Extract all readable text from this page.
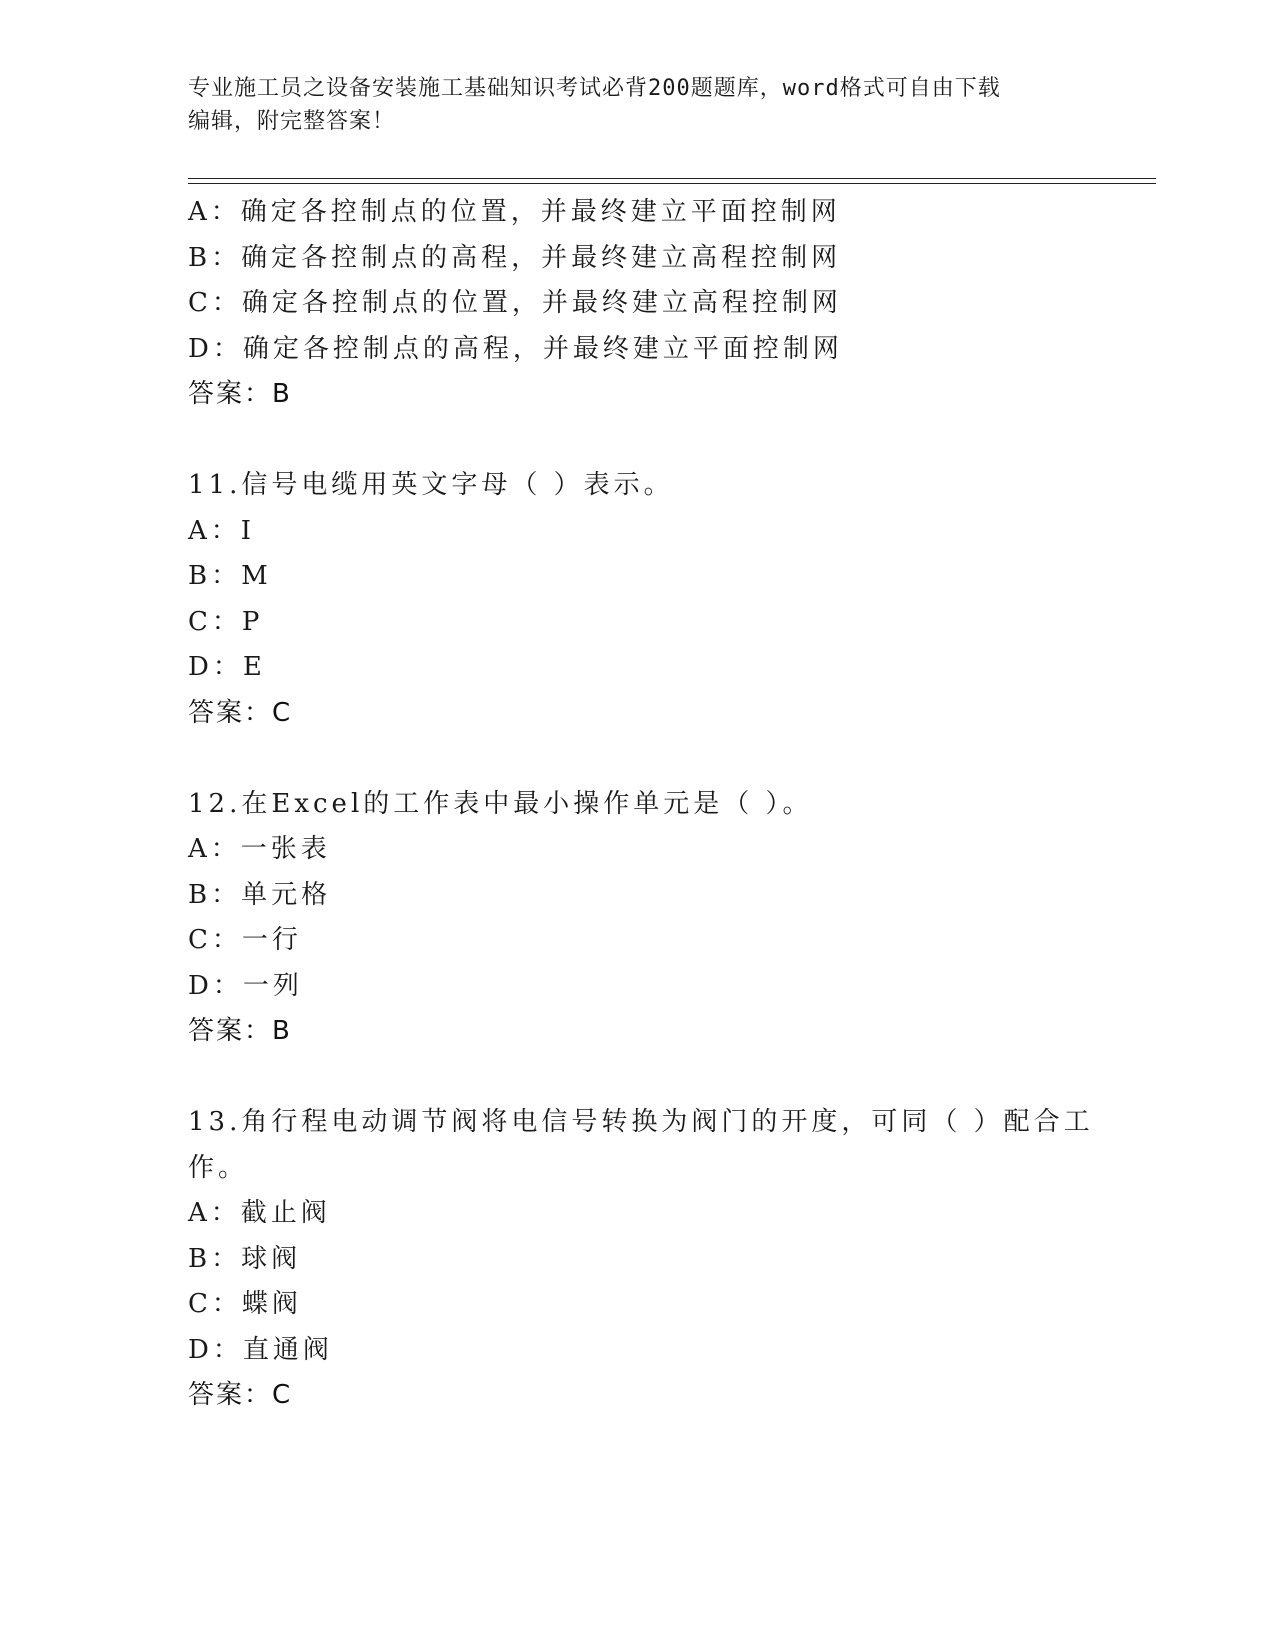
专业施工员之设备安装施工基础知识考试必背200题题库，word格式可自由下载
编辑，附完整答案！
A：确定各控制点的位置，并最终建立平面控制网
B：确定各控制点的高程，并最终建立高程控制网
C：确定各控制点的位置，并最终建立高程控制网
D：确定各控制点的高程，并最终建立平面控制网
答案：B
11.信号电缆用英文字母（ ）表示。
A：I
B：M
C：P
D：E
答案：C
12.在Excel的工作表中最小操作单元是（ ）。
A：一张表
B：单元格
C：一行
D：一列
答案：B
13.角行程电动调节阀将电信号转换为阀门的开度，可同（ ）配合工
作。
A：截止阀
B：球阀
C：蝶阀
D：直通阀
答案：C
